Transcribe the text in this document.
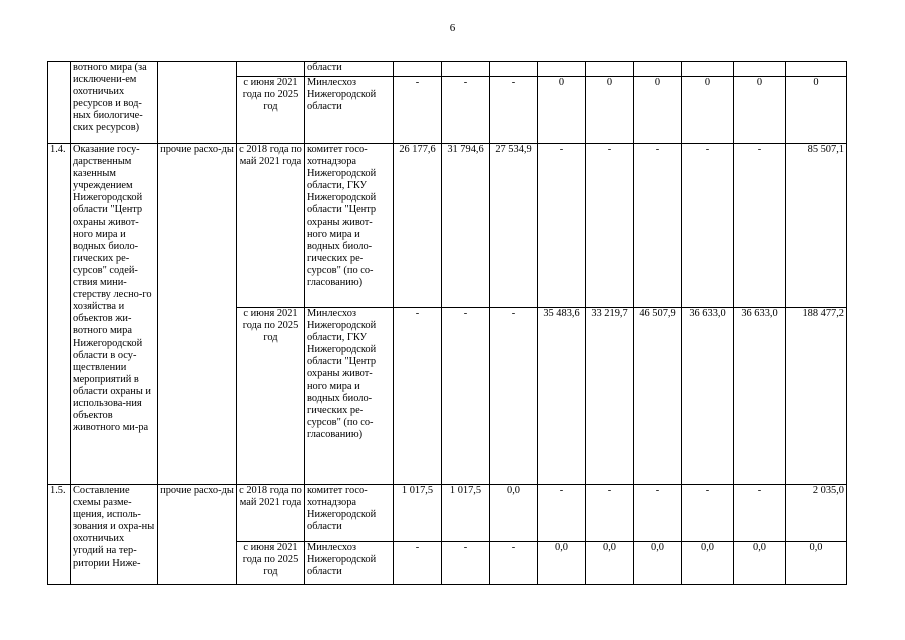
6
	вотного мира (за исключени-ем охотничьих ресурсов и вод-ных биологиче-ских ресурсов)			области									
			с июня 2021 года по 2025 год	Минлесхоз Нижегородской области	-	-	-	0	0	0	0	0	0
1.4.	Оказание госу-дарственным казенным учреждением Нижегородской области "Центр охраны живот-ного мира и водных биоло-гических ре-сурсов" содей-ствия мини-стерству лесно-го хозяйства и объектов жи-вотного мира Нижегородской области в осу-ществлении мероприятий в области охраны и использова-ния объектов животного ми-ра	прочие расхо-ды	с 2018 года по май 2021 года	комитет госо-хотнадзора Нижегородской области, ГКУ Нижегородской области "Центр охраны живот-ного мира и водных биоло-гических ре-сурсов" (по со-гласованию)	26 177,6	31 794,6	27 534,9	-	-	-	-	-	85 507,1
			с июня 2021 года по 2025 год	Минлесхоз Нижегородской области, ГКУ Нижегородской области "Центр охраны живот-ного мира и водных биоло-гических ре-сурсов" (по со-гласованию)	-	-	-	35 483,6	33 219,7	46 507,9	36 633,0	36 633,0	188 477,2
1.5.	Составление схемы разме-щения, исполь-зования и охра-ны охотничьих угодий на тер-ритории Ниже-	прочие расхо-ды	с 2018 года по май 2021 года	комитет госо-хотнадзора Нижегородской области	1 017,5	1 017,5	0,0	-	-	-	-	-	2 035,0
			с июня 2021 года по 2025 год	Минлесхоз Нижегородской области	-	-	-	0,0	0,0	0,0	0,0	0,0	0,0
